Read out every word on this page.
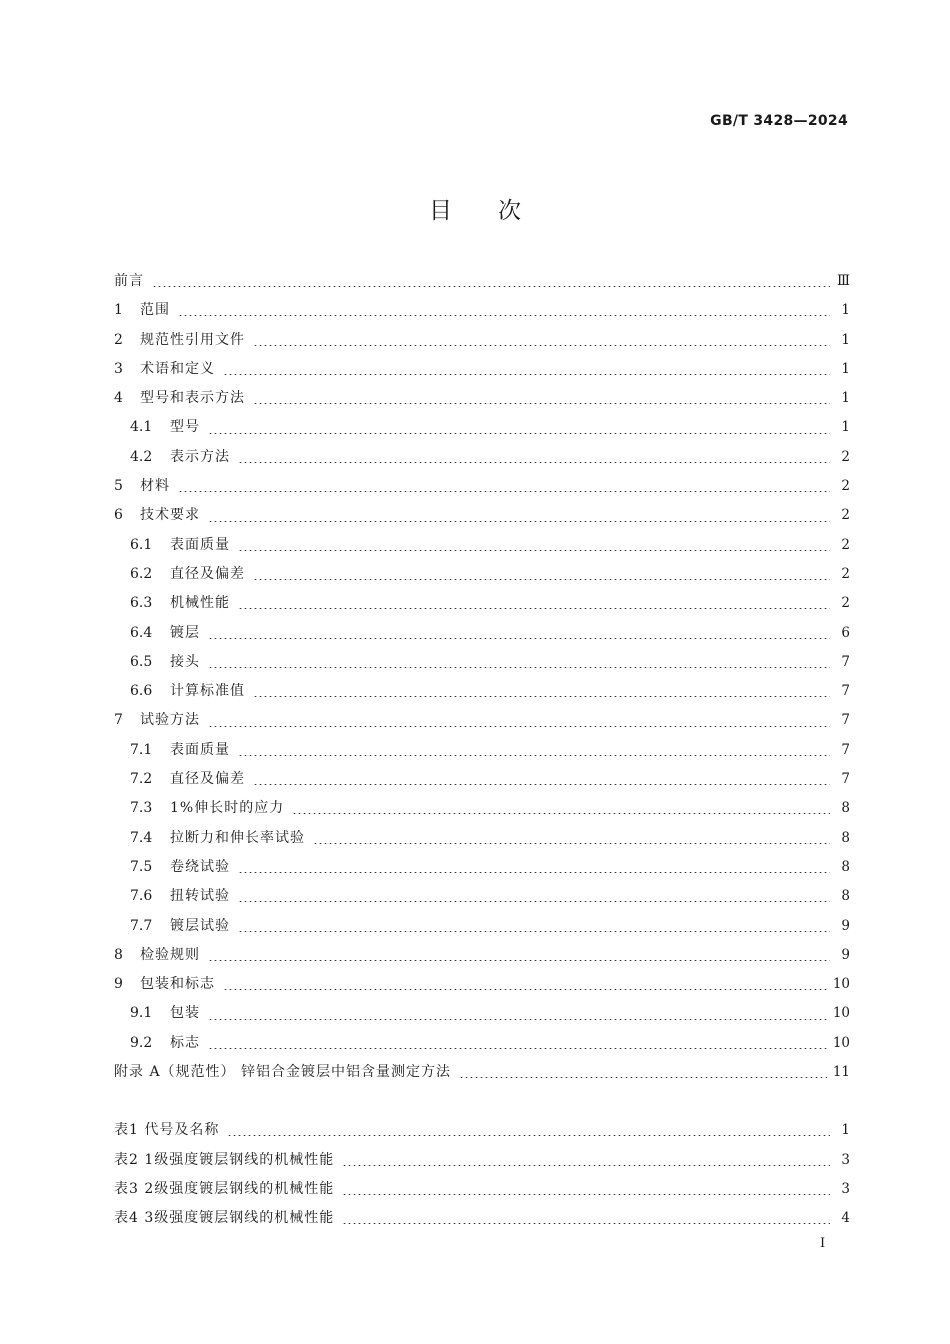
GB/T 3428—2024
目次
前言	Ⅲ
1	范围	1
2	规范性引用文件	1
3	术语和定义	1
4	型号和表示方法	1
4.1	型号	1
4.2	表示方法	2
5	材料	2
6	技术要求	2
6.1	表面质量	2
6.2	直径及偏差	2
6.3	机械性能	2
6.4	镀层	6
6.5	接头	7
6.6	计算标准值	7
7	试验方法	7
7.1	表面质量	7
7.2	直径及偏差	7
7.3	1%伸长时的应力	8
7.4	拉断力和伸长率试验	8
7.5	卷绕试验	8
7.6	扭转试验	8
7.7	镀层试验	9
8	检验规则	9
9	包装和标志	10
9.1	包装	10
9.2	标志	10
附录 A（规范性） 锌铝合金镀层中铝含量测定方法	11
表1 代号及名称	1
表2 1级强度镀层钢线的机械性能	3
表3 2级强度镀层钢线的机械性能	3
表4 3级强度镀层钢线的机械性能	4
I
